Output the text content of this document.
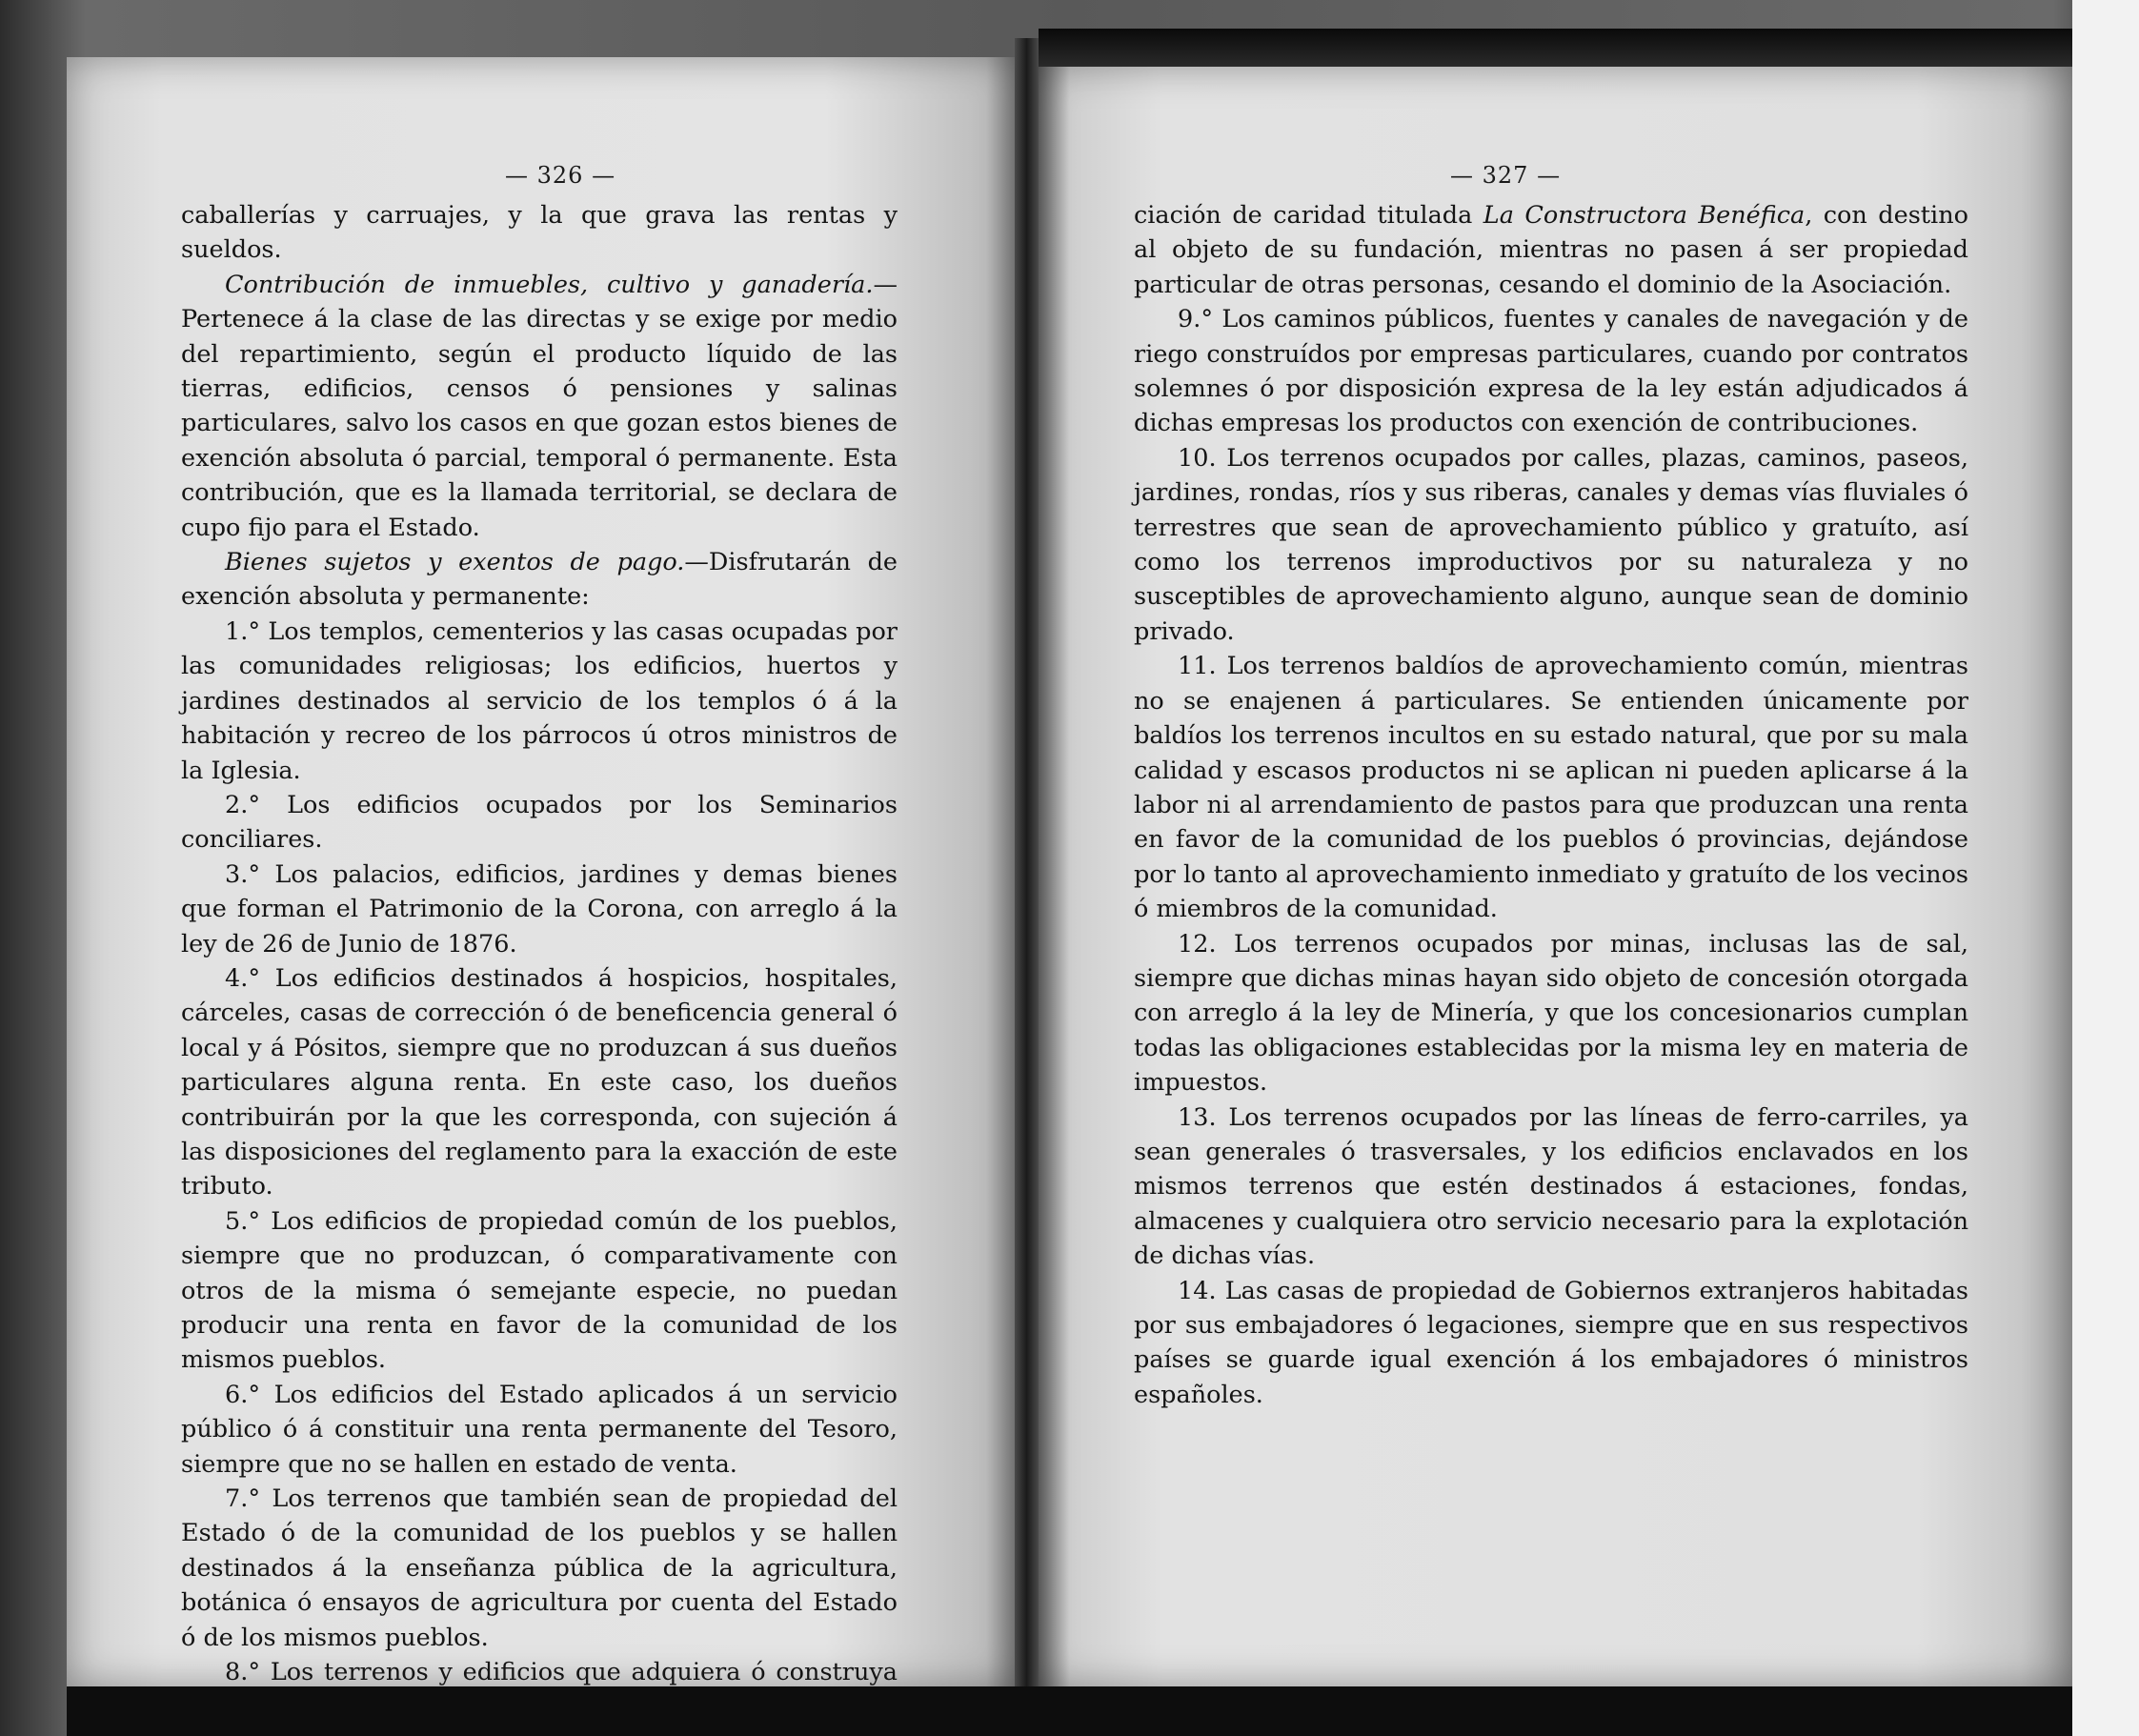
— 326 —

caballerías y carruajes, y la que grava las rentas y sueldos.

Contribución de inmuebles, cultivo y ganadería.—Pertenece á la clase de las directas y se exige por medio del repartimiento, según el producto líquido de las tierras, edificios, censos ó pensiones y salinas particulares, salvo los casos en que gozan estos bienes de exención absoluta ó parcial, temporal ó permanente. Esta contribución, que es la llamada territorial, se declara de cupo fijo para el Estado.

Bienes sujetos y exentos de pago.—Disfrutarán de exención absoluta y permanente:

1.° Los templos, cementerios y las casas ocupadas por las comunidades religiosas; los edificios, huertos y jardines destinados al servicio de los templos ó á la habitación y recreo de los párrocos ú otros ministros de la Iglesia.

2.° Los edificios ocupados por los Seminarios conciliares.

3.° Los palacios, edificios, jardines y demas bienes que forman el Patrimonio de la Corona, con arreglo á la ley de 26 de Junio de 1876.

4.° Los edificios destinados á hospicios, hospitales, cárceles, casas de corrección ó de beneficencia general ó local y á Pósitos, siempre que no produzcan á sus dueños particulares alguna renta. En este caso, los dueños contribuirán por la que les corresponda, con sujeción á las disposiciones del reglamento para la exacción de este tributo.

5.° Los edificios de propiedad común de los pueblos, siempre que no produzcan, ó comparativamente con otros de la misma ó semejante especie, no puedan producir una renta en favor de la comunidad de los mismos pueblos.

6.° Los edificios del Estado aplicados á un servicio público ó á constituir una renta permanente del Tesoro, siempre que no se hallen en estado de venta.

7.° Los terrenos que también sean de propiedad del Estado ó de la comunidad de los pueblos y se hallen destinados á la enseñanza pública de la agricultura, botánica ó ensayos de agricultura por cuenta del Estado ó de los mismos pueblos.

8.° Los terrenos y edificios que adquiera ó construya

— 327 —

ciación de caridad titulada La Constructora Benéfica, con destino al objeto de su fundación, mientras no pasen á ser propiedad particular de otras personas, cesando el dominio de la Asociación.

9.° Los caminos públicos, fuentes y canales de navegación y de riego construídos por empresas particulares, cuando por contratos solemnes ó por disposición expresa de la ley están adjudicados á dichas empresas los productos con exención de contribuciones.

10. Los terrenos ocupados por calles, plazas, caminos, paseos, jardines, rondas, ríos y sus riberas, canales y demas vías fluviales ó terrestres que sean de aprovechamiento público y gratuíto, así como los terrenos improductivos por su naturaleza y no susceptibles de aprovechamiento alguno, aunque sean de dominio privado.

11. Los terrenos baldíos de aprovechamiento común, mientras no se enajenen á particulares. Se entienden únicamente por baldíos los terrenos incultos en su estado natural, que por su mala calidad y escasos productos ni se aplican ni pueden aplicarse á la labor ni al arrendamiento de pastos para que produzcan una renta en favor de la comunidad de los pueblos ó provincias, dejándose por lo tanto al aprovechamiento inmediato y gratuíto de los vecinos ó miembros de la comunidad.

12. Los terrenos ocupados por minas, inclusas las de sal, siempre que dichas minas hayan sido objeto de concesión otorgada con arreglo á la ley de Minería, y que los concesionarios cumplan todas las obligaciones establecidas por la misma ley en materia de impuestos.

13. Los terrenos ocupados por las líneas de ferro-carriles, ya sean generales ó trasversales, y los edificios enclavados en los mismos terrenos que estén destinados á estaciones, fondas, almacenes y cualquiera otro servicio necesario para la explotación de dichas vías.

14. Las casas de propiedad de Gobiernos extranjeros habitadas por sus embajadores ó legaciones, siempre que en sus respectivos países se guarde igual exención á los embajadores ó ministros españoles.
